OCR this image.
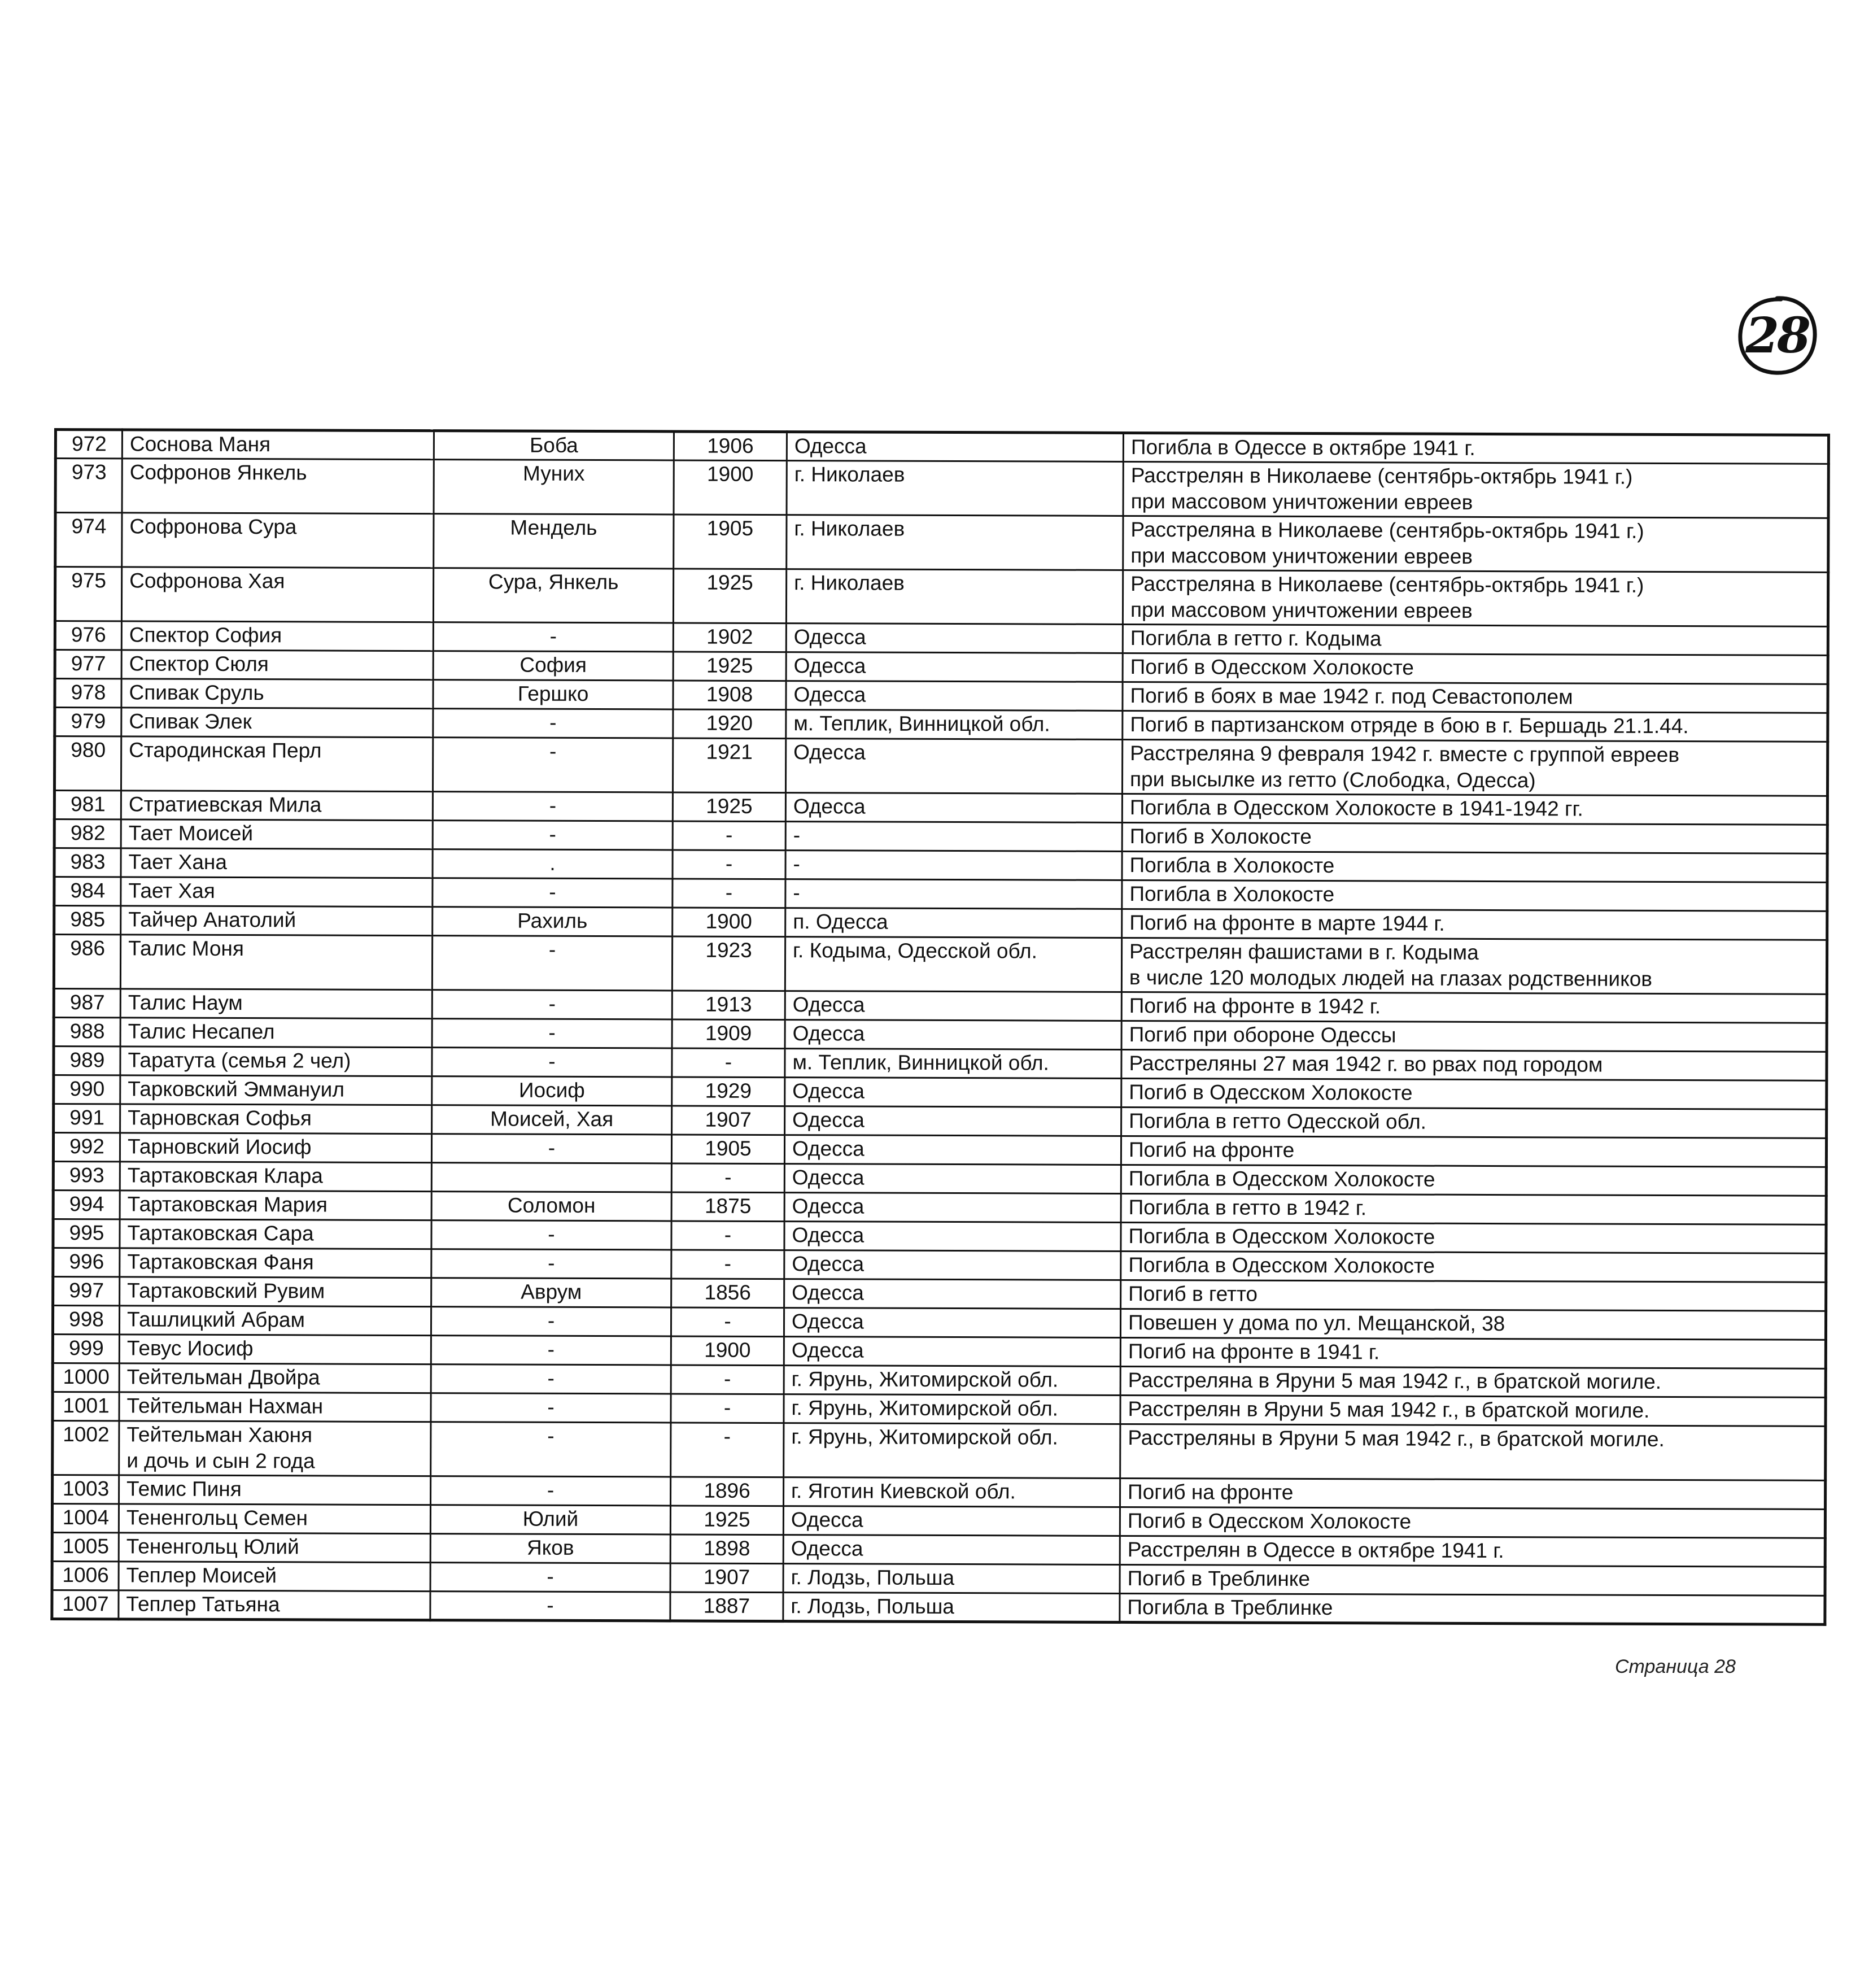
28
972	Соснова Маня	Боба	1906	Одесса	Погибла в Одессе в октябре 1941 г.
973	Софронов Янкель	Муних	1900	г. Николаев	Расстрелян в Николаеве (сентябрь-октябрь 1941 г.)
при массовом уничтожении евреев
974	Софронова Сура	Мендель	1905	г. Николаев	Расстреляна в Николаеве (сентябрь-октябрь 1941 г.)
при массовом уничтожении евреев
975	Софронова Хая	Сура, Янкель	1925	г. Николаев	Расстреляна в Николаеве (сентябрь-октябрь 1941 г.)
при массовом уничтожении евреев
976	Спектор София	-	1902	Одесса	Погибла в гетто г. Кодыма
977	Спектор Сюля	София	1925	Одесса	Погиб в Одесском Холокосте
978	Спивак Сруль	Гершко	1908	Одесса	Погиб в боях в мае 1942 г. под Севастополем
979	Спивак Элек	-	1920	м. Теплик, Винницкой обл.	Погиб в партизанском отряде в бою в г. Бершадь 21.1.44.
980	Стародинская Перл	-	1921	Одесса	Расстреляна 9 февраля 1942 г. вместе с группой евреев
при высылке из гетто (Слободка, Одесса)
981	Стратиевская Мила	-	1925	Одесса	Погибла в Одесском Холокосте в 1941-1942 гг.
982	Тает Моисей	-	-	-	Погиб в Холокосте
983	Тает Хана	.	-	-	Погибла в Холокосте
984	Тает Хая	-	-	-	Погибла в Холокосте
985	Тайчер Анатолий	Рахиль	1900	п. Одесса	Погиб на фронте в марте 1944 г.
986	Талис Моня	-	1923	г. Кодыма, Одесской обл.	Расстрелян фашистами в г. Кодыма
в числе 120 молодых людей на глазах родственников
987	Талис Наум	-	1913	Одесса	Погиб на фронте в 1942 г.
988	Талис Несапел	-	1909	Одесса	Погиб при обороне Одессы
989	Таратута (семья 2 чел)	-	-	м. Теплик, Винницкой обл.	Расстреляны 27 мая 1942 г. во рвах под городом
990	Тарковский Эммануил	Иосиф	1929	Одесса	Погиб в Одесском Холокосте
991	Тарновская Софья	Моисей, Хая	1907	Одесса	Погибла в гетто Одесской обл.
992	Тарновский Иосиф	-	1905	Одесса	Погиб на фронте
993	Тартаковская Клара		-	Одесса	Погибла в Одесском Холокосте
994	Тартаковская Мария	Соломон	1875	Одесса	Погибла в гетто в 1942 г.
995	Тартаковская Сара	-	-	Одесса	Погибла в Одесском Холокосте
996	Тартаковская Фаня	-	-	Одесса	Погибла в Одесском Холокосте
997	Тартаковский Рувим	Аврум	1856	Одесса	Погиб в гетто
998	Ташлицкий Абрам	-	-	Одесса	Повешен у дома по ул. Мещанской, 38
999	Тевус Иосиф	-	1900	Одесса	Погиб на фронте в 1941 г.
1000	Тейтельман Двойра	-	-	г. Ярунь, Житомирской обл.	Расстреляна в Яруни 5 мая 1942 г., в братской могиле.
1001	Тейтельман Нахман	-	-	г. Ярунь, Житомирской обл.	Расстрелян в Яруни 5 мая 1942 г., в братской могиле.
1002	Тейтельман Хаюня
и дочь и сын 2 года	-	-	г. Ярунь, Житомирской обл.	Расстреляны в Яруни 5 мая 1942 г., в братской могиле.
1003	Темис Пиня	-	1896	г. Яготин Киевской обл.	Погиб на фронте
1004	Тененгольц Семен	Юлий	1925	Одесса	Погиб в Одесском Холокосте
1005	Тененгольц Юлий	Яков	1898	Одесса	Расстрелян в Одессе в октябре 1941 г.
1006	Теплер Моисей	-	1907	г. Лодзь, Польша	Погиб в Треблинке
1007	Теплер Татьяна	-	1887	г. Лодзь, Польша	Погибла в Треблинке
Страница 28
